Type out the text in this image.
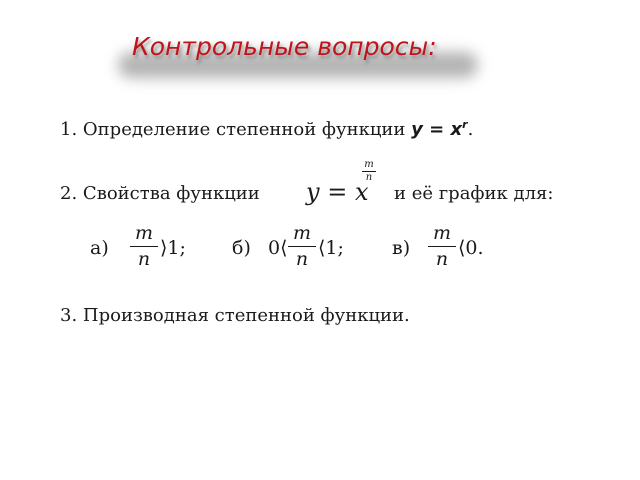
Контрольные вопросы:
1. Определение степенной функции $y = x^r$.
2. Свойства функции y = x
m
n
и её график для:
а)
m
n ⟩1; б) 0⟨
m
n ⟨1;	в)
m
n ⟨0.
3. Производная степенной функции.
